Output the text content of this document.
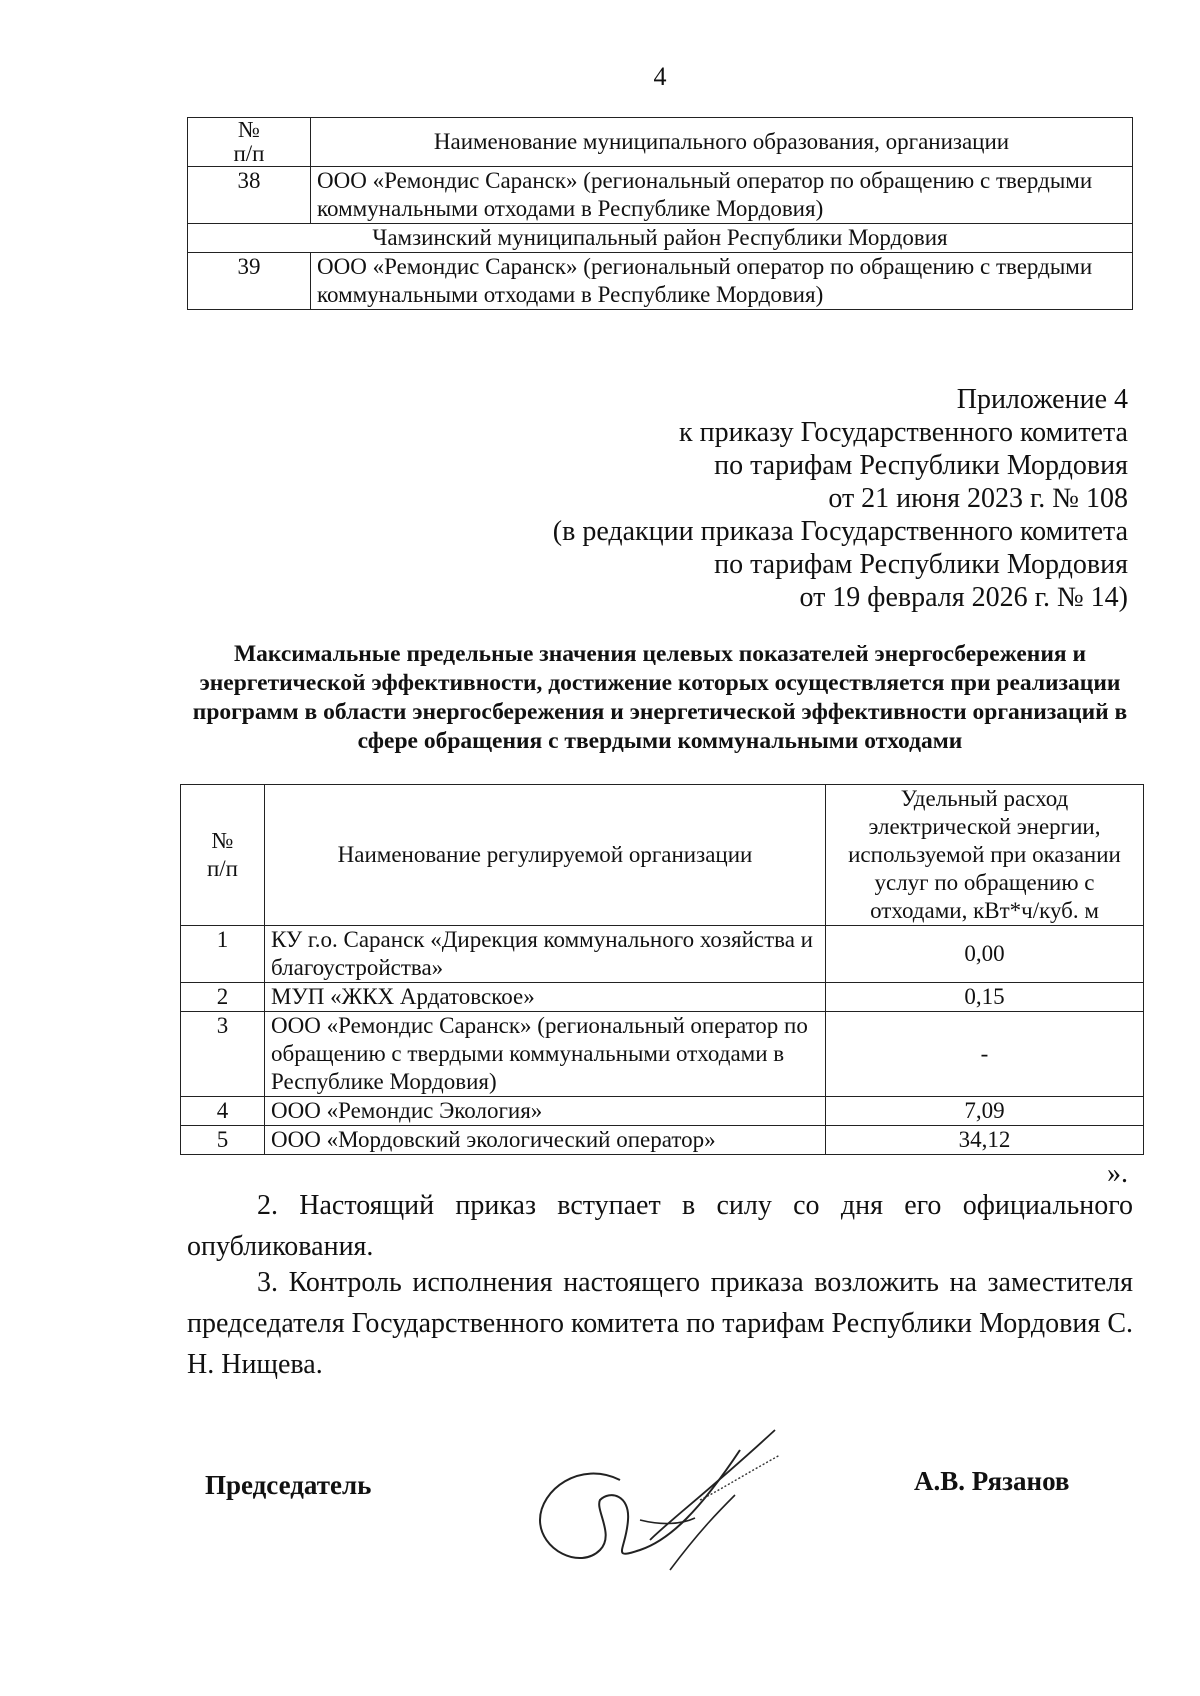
4
№
п/п	Наименование муниципального образования, организации
38	ООО «Ремондис Саранск» (региональный оператор по обращению с твердыми коммунальными отходами в Республике Мордовия)
Чамзинский муниципальный район Республики Мордовия	
39	ООО «Ремондис Саранск» (региональный оператор по обращению с твердыми коммунальными отходами в Республике Мордовия)
Приложение 4
к приказу Государственного комитета
по тарифам Республики Мордовия
от 21 июня 2023 г. № 108
(в редакции приказа Государственного комитета
по тарифам Республики Мордовия
от 19 февраля 2026 г. № 14)
Максимальные предельные значения целевых показателей энергосбережения и энергетической эффективности, достижение которых осуществляется при реализации программ в области энергосбережения и энергетической эффективности организаций в сфере обращения с твердыми коммунальными отходами
№
п/п	Наименование регулируемой организации	Удельный расход электрической энергии, используемой при оказании услуг по обращению с отходами, кВт*ч/куб. м
1	КУ г.о. Саранск «Дирекция коммунального хозяйства и благоустройства»	0,00
2	МУП «ЖКХ Ардатовское»	0,15
3	ООО «Ремондис Саранск» (региональный оператор по обращению с твердыми коммунальными отходами в Республике Мордовия)	-
4	ООО «Ремондис Экология»	7,09
5	ООО «Мордовский экологический оператор»	34,12
».
2. Настоящий приказ вступает в силу со дня его официального опубликования.
3. Контроль исполнения настоящего приказа возложить на заместителя председателя Государственного комитета по тарифам Республики Мордовия С. Н. Нищева.
Председатель	А.В. Рязанов
